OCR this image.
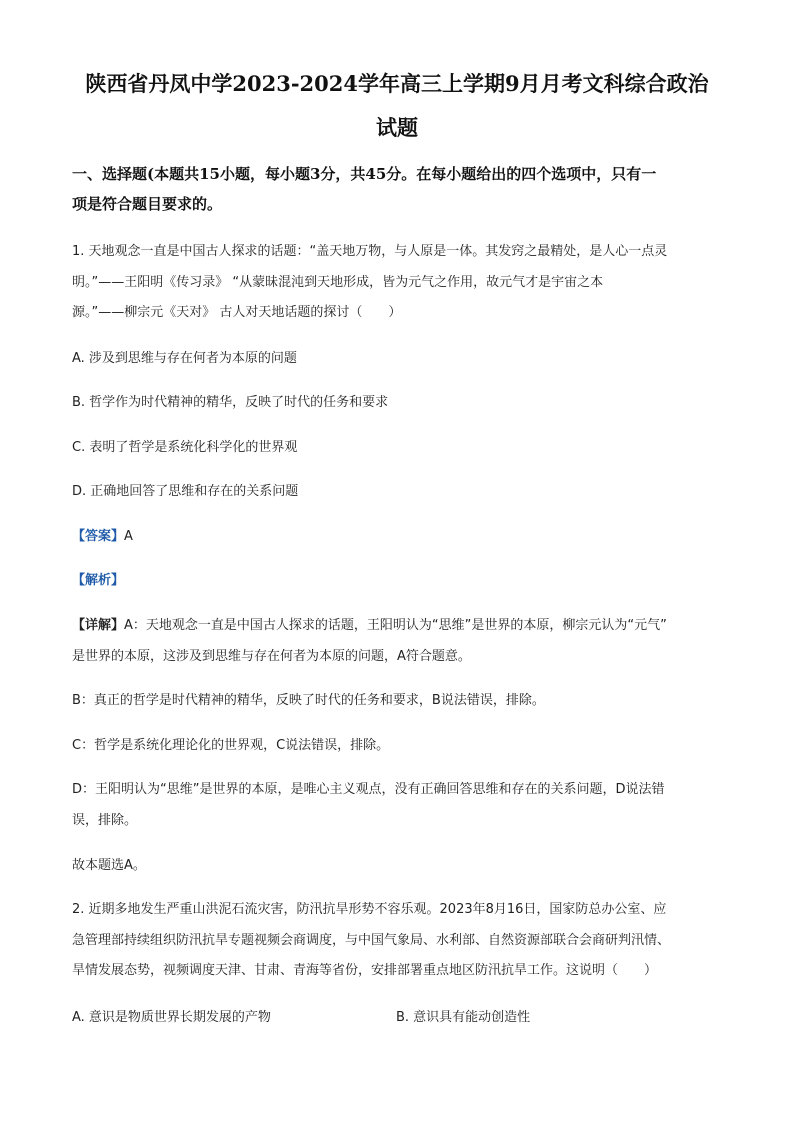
陕西省丹凤中学2023-2024学年高三上学期9月月考文科综合政治
试题
一、选择题(本题共15小题，每小题3分，共45分。在每小题给出的四个选项中，只有一
项是符合题目要求的。
1. 天地观念一直是中国古人探求的话题：“盖天地万物，与人原是一体。其发窍之最精处，是人心一点灵
明。”——王阳明《传习录》 “从蒙昧混沌到天地形成，皆为元气之作用，故元气才是宇宙之本
源。”——柳宗元《天对》 古人对天地话题的探讨（　　）
A. 涉及到思维与存在何者为本原的问题
B. 哲学作为时代精神的精华，反映了时代的任务和要求
C. 表明了哲学是系统化科学化的世界观
D. 正确地回答了思维和存在的关系问题
【答案】A
【解析】
【详解】A：天地观念一直是中国古人探求的话题，王阳明认为“思维”是世界的本原，柳宗元认为“元气”
是世界的本原，这涉及到思维与存在何者为本原的问题，A符合题意。
B：真正的哲学是时代精神的精华，反映了时代的任务和要求，B说法错误，排除。
C：哲学是系统化理论化的世界观，C说法错误，排除。
D：王阳明认为“思维”是世界的本原，是唯心主义观点，没有正确回答思维和存在的关系问题，D说法错
误，排除。
故本题选A。
2. 近期多地发生严重山洪泥石流灾害，防汛抗旱形势不容乐观。2023年8月16日，国家防总办公室、应
急管理部持续组织防汛抗旱专题视频会商调度，与中国气象局、水利部、自然资源部联合会商研判汛情、
旱情发展态势，视频调度天津、甘肃、青海等省份，安排部署重点地区防汛抗旱工作。这说明（　　）
A. 意识是物质世界长期发展的产物	B. 意识具有能动创造性
